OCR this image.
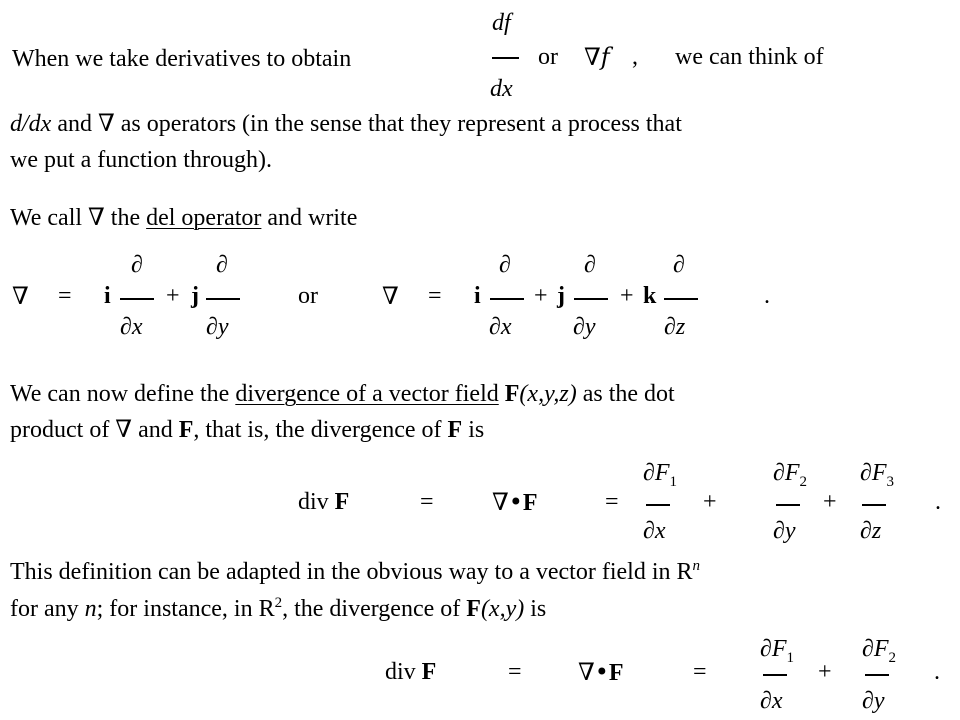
When we take derivatives to obtain
df
dx
or ∇f , we can think of
d/dx and ∇ as operators (in the sense that they represent a process that
we put a function through).
We call ∇ the del operator and write
∇ = i
∂
∂x
+ j
∂
∂y
or	∇ = i
∂
∂x
+ j
∂
∂y
+ k
∂
∂z
.
We can now define the divergence of a vector field F(x,y,z) as the dot
product of ∇ and F, that is, the divergence of F is
div F	= ∇•F	=
$\partial F_1$
∂x
+
$\partial F_2$
∂y
+
$\partial F_3$
∂z
.
This definition can be adapted in the obvious way to a vector field in $R^n$
for any n; for instance, in $R^2$, the divergence of F(x,y) is
div F	= ∇•F	=
$\partial F_1$
∂x
+
$\partial F_2$
∂y
.
